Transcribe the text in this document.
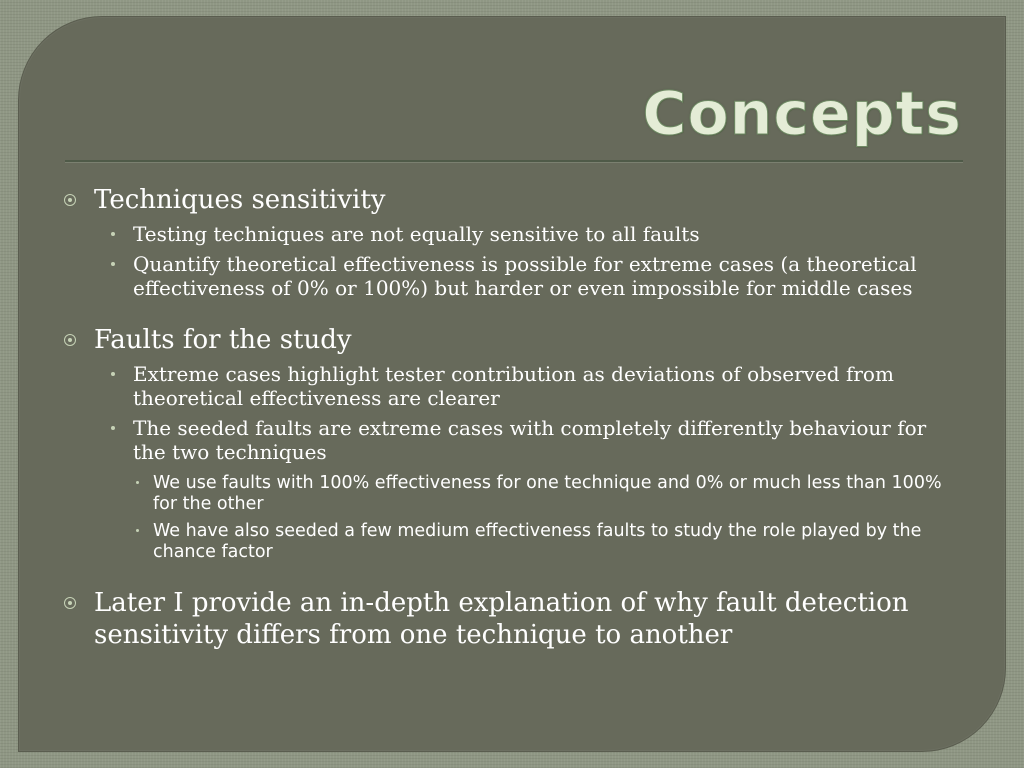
Concepts

Techniques sensitivity

Testing techniques are not equally sensitive to all faults

Quantify theoretical effectiveness is possible for extreme cases (a theoretical effectiveness of 0% or 100%) but harder or even impossible for middle cases

Faults for the study

Extreme cases highlight tester contribution as deviations of observed from theoretical effectiveness are clearer

The seeded faults are extreme cases with completely differently behaviour for the two techniques

We use faults with 100% effectiveness for one technique and 0% or much less than 100% for the other

We have also seeded a few medium effectiveness faults to study the role played by the chance factor

Later I provide an in-depth explanation of why fault detection sensitivity differs from one technique to another
